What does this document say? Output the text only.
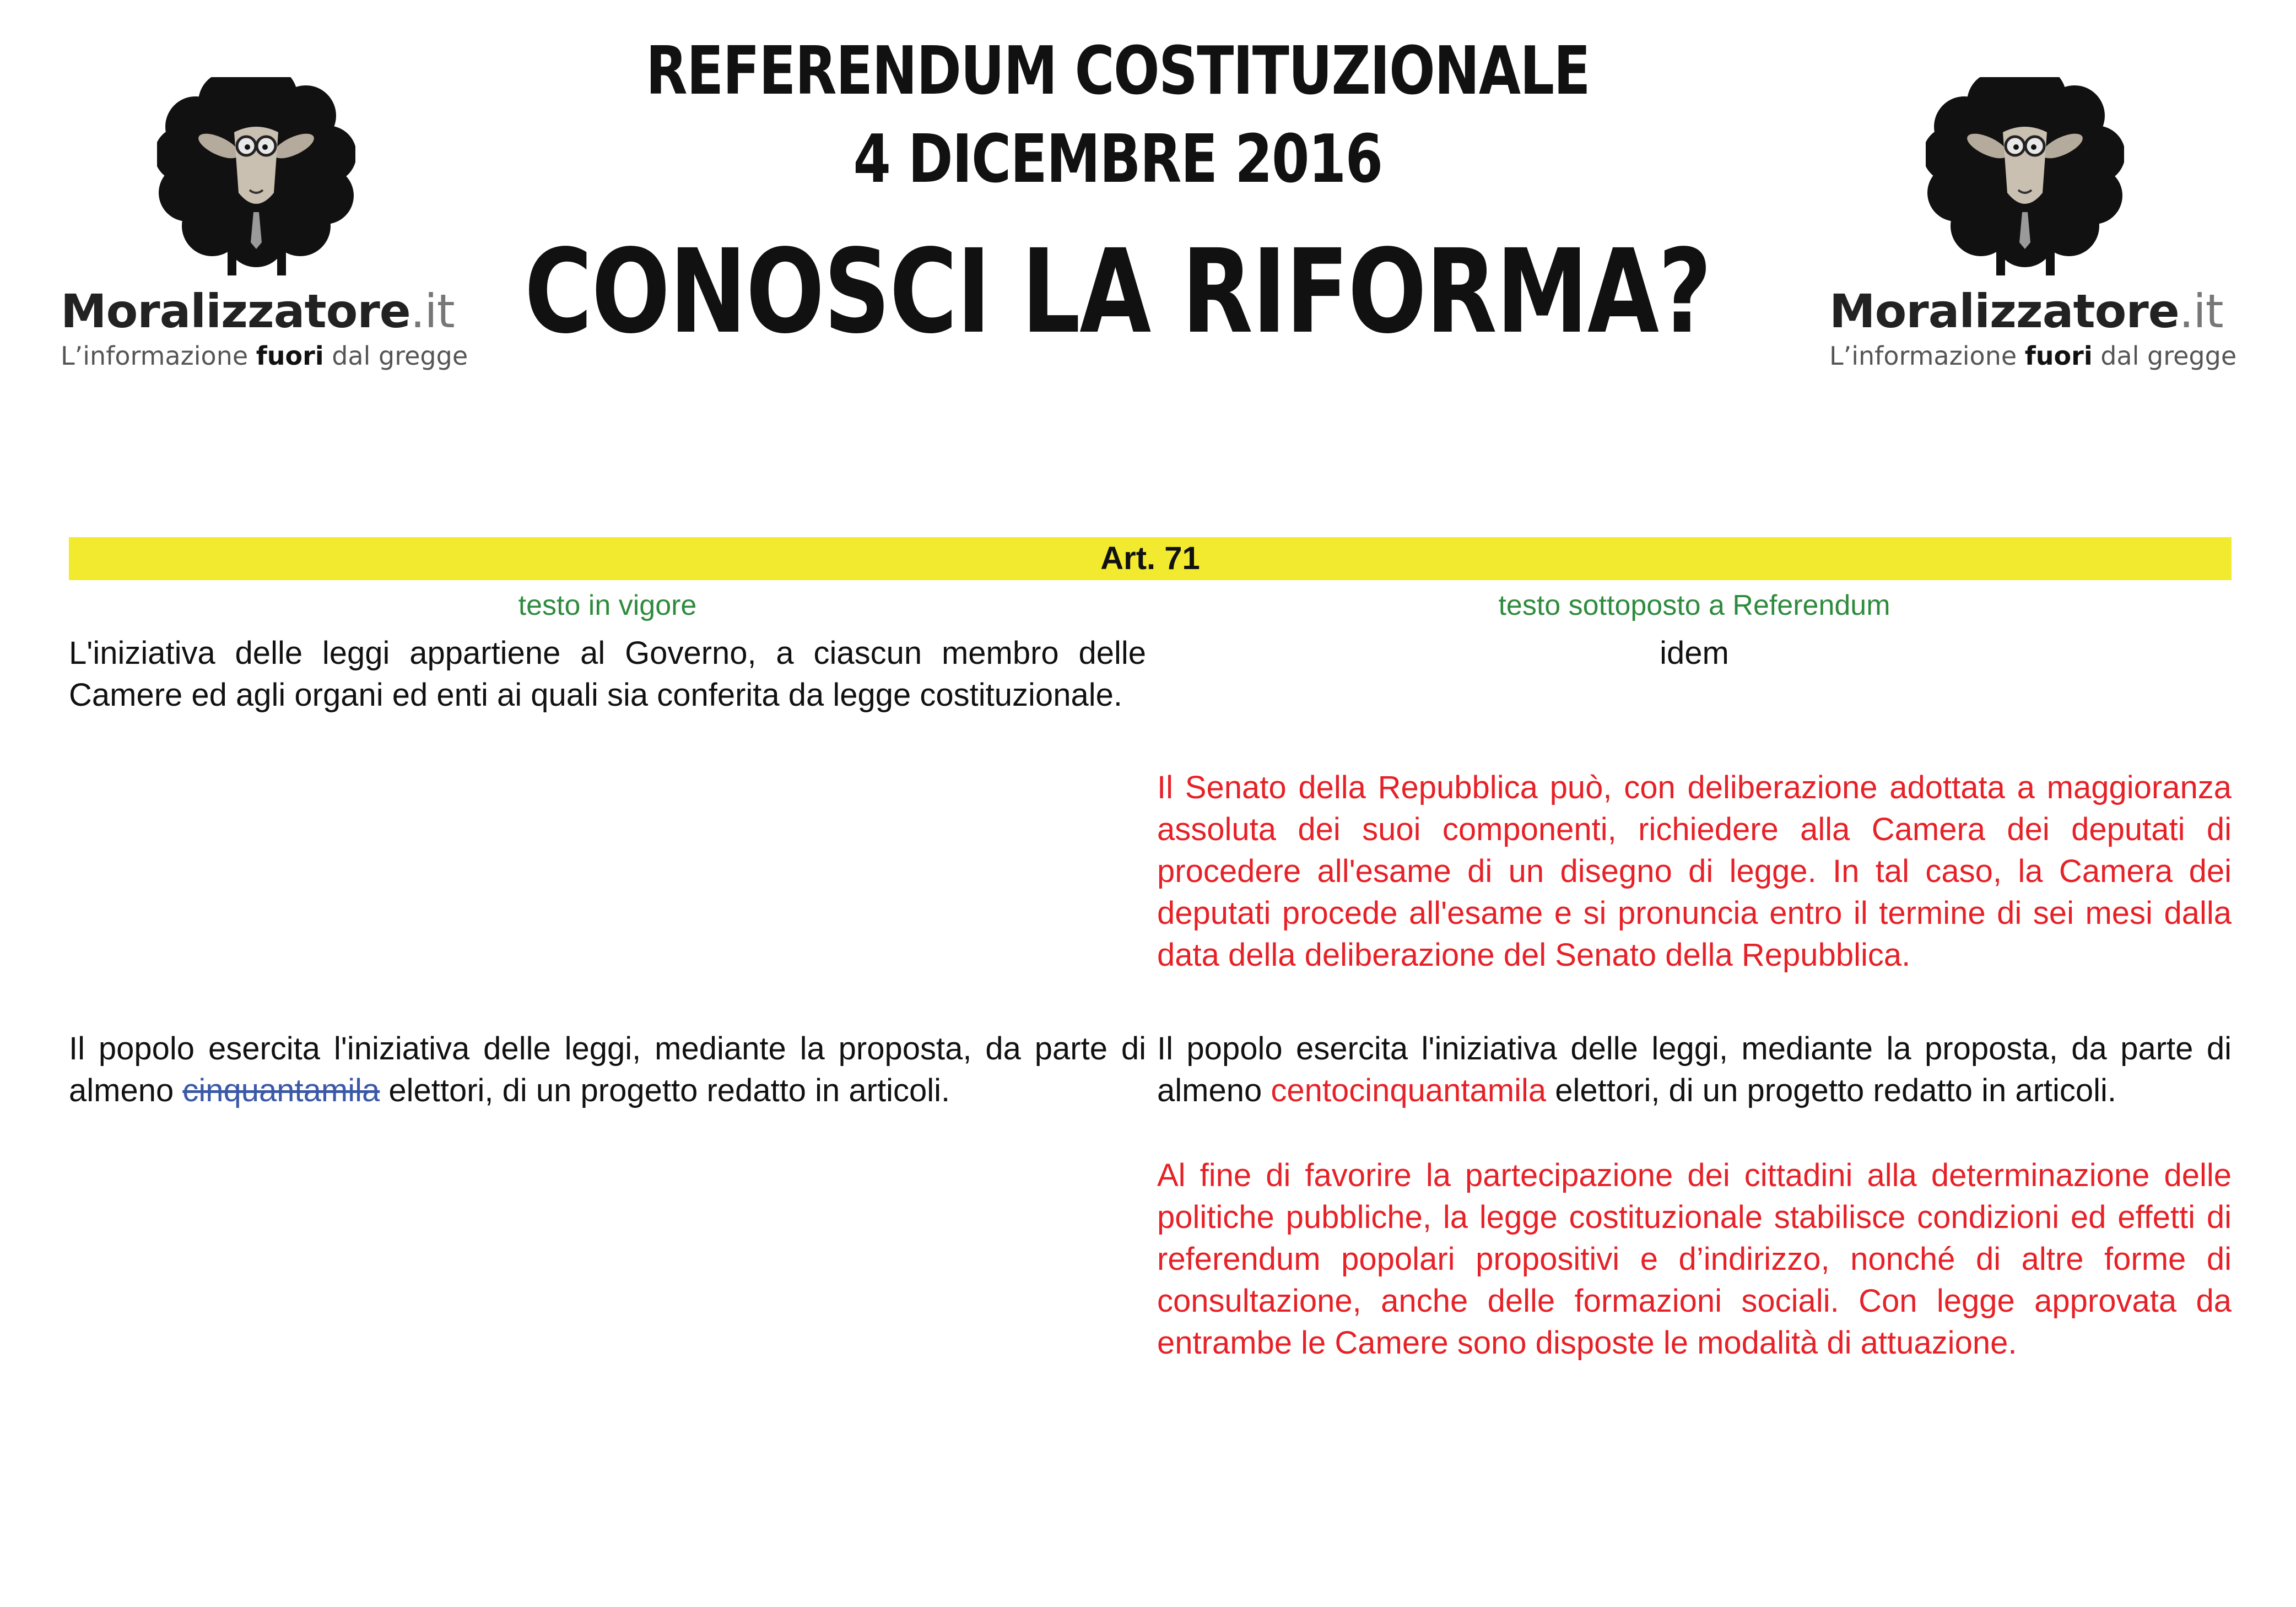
REFERENDUM COSTITUZIONALE
4 DICEMBRE 2016
CONOSCI LA RIFORMA?
Moralizzatore.it
L’informazione fuori dal gregge
Moralizzatore.it
L’informazione fuori dal gregge
Art. 71
testo in vigore	testo sottoposto a Referendum

L'iniziativa delle leggi appartiene al Governo, a ciascun membro delle Camere ed agli organi ed enti ai quali sia conferita da legge costituzionale.

idem

Il Senato della Repubblica può, con deliberazione adottata a maggioranza assoluta dei suoi componenti, richiedere alla Camera dei deputati di procedere all'esame di un disegno di legge. In tal caso, la Camera dei deputati procede all'esame e si pronuncia entro il termine di sei mesi dalla data della deliberazione del Senato della Repubblica.

Il popolo esercita l'iniziativa delle leggi, mediante la proposta, da parte di almeno cinquantamila elettori, di un progetto redatto in articoli.

Il popolo esercita l'iniziativa delle leggi, mediante la proposta, da parte di almeno centocinquantamila elettori, di un progetto redatto in articoli.

Al fine di favorire la partecipazione dei cittadini alla determinazione delle politiche pubbliche, la legge costituzionale stabilisce condizioni ed effetti di referendum popolari propositivi e d’indirizzo, nonché di altre forme di consultazione, anche delle formazioni sociali. Con legge approvata da entrambe le Camere sono disposte le modalità di attuazione.
